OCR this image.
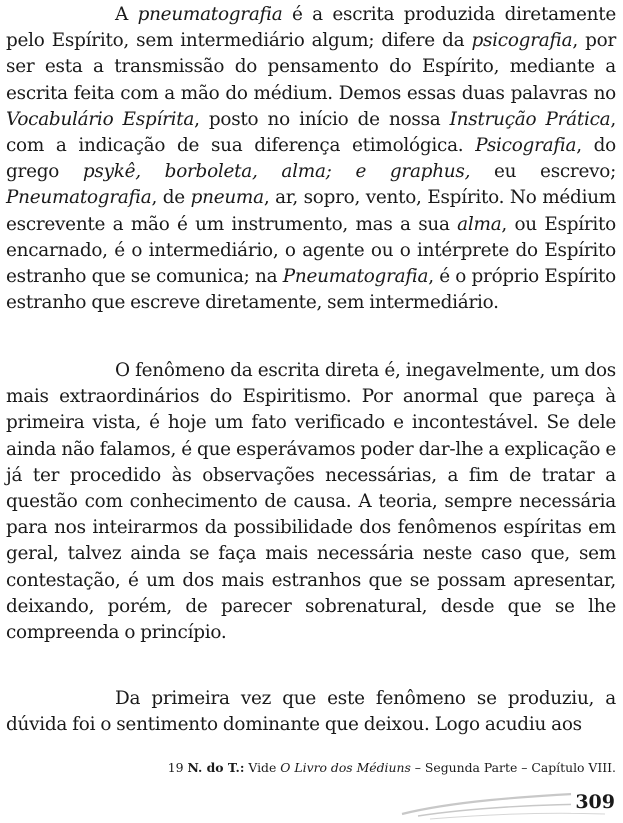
A pneumatografia é a escrita produzida diretamente pelo Espírito, sem intermediário algum; difere da psicografia, por ser esta a transmissão do pensamento do Espírito, mediante a escrita feita com a mão do médium. Demos essas duas palavras no Vocabulário Espírita, posto no início de nossa Instrução Prática, com a indicação de sua diferença etimológica. Psicografia, do grego psykê, borboleta, alma; e graphus, eu escrevo; Pneumatografia, de pneuma, ar, sopro, vento, Espírito. No médium escrevente a mão é um instrumento, mas a sua alma, ou Espírito encarnado, é o intermediário, o agente ou o intérprete do Espírito estranho que se comunica; na Pneumatografia, é o próprio Espírito estranho que escreve diretamente, sem intermediário.

O fenômeno da escrita direta é, inegavelmente, um dos mais extraordinários do Espiritismo. Por anormal que pareça à primeira vista, é hoje um fato verificado e incontestável. Se dele ainda não falamos, é que esperávamos poder dar-lhe a explicação e já ter procedido às observações necessárias, a fim de tratar a questão com conhecimento de causa. A teoria, sempre necessária para nos inteirarmos da possibilidade dos fenômenos espíritas em geral, talvez ainda se faça mais necessária neste caso que, sem contestação, é um dos mais estranhos que se possam apresentar, deixando, porém, de parecer sobrenatural, desde que se lhe compreenda o princípio.

Da primeira vez que este fenômeno se produziu, a dúvida foi o sentimento dominante que deixou. Logo acudiu aos

19 N. do T.: Vide O Livro dos Médiuns – Segunda Parte – Capítulo VIII.
309
